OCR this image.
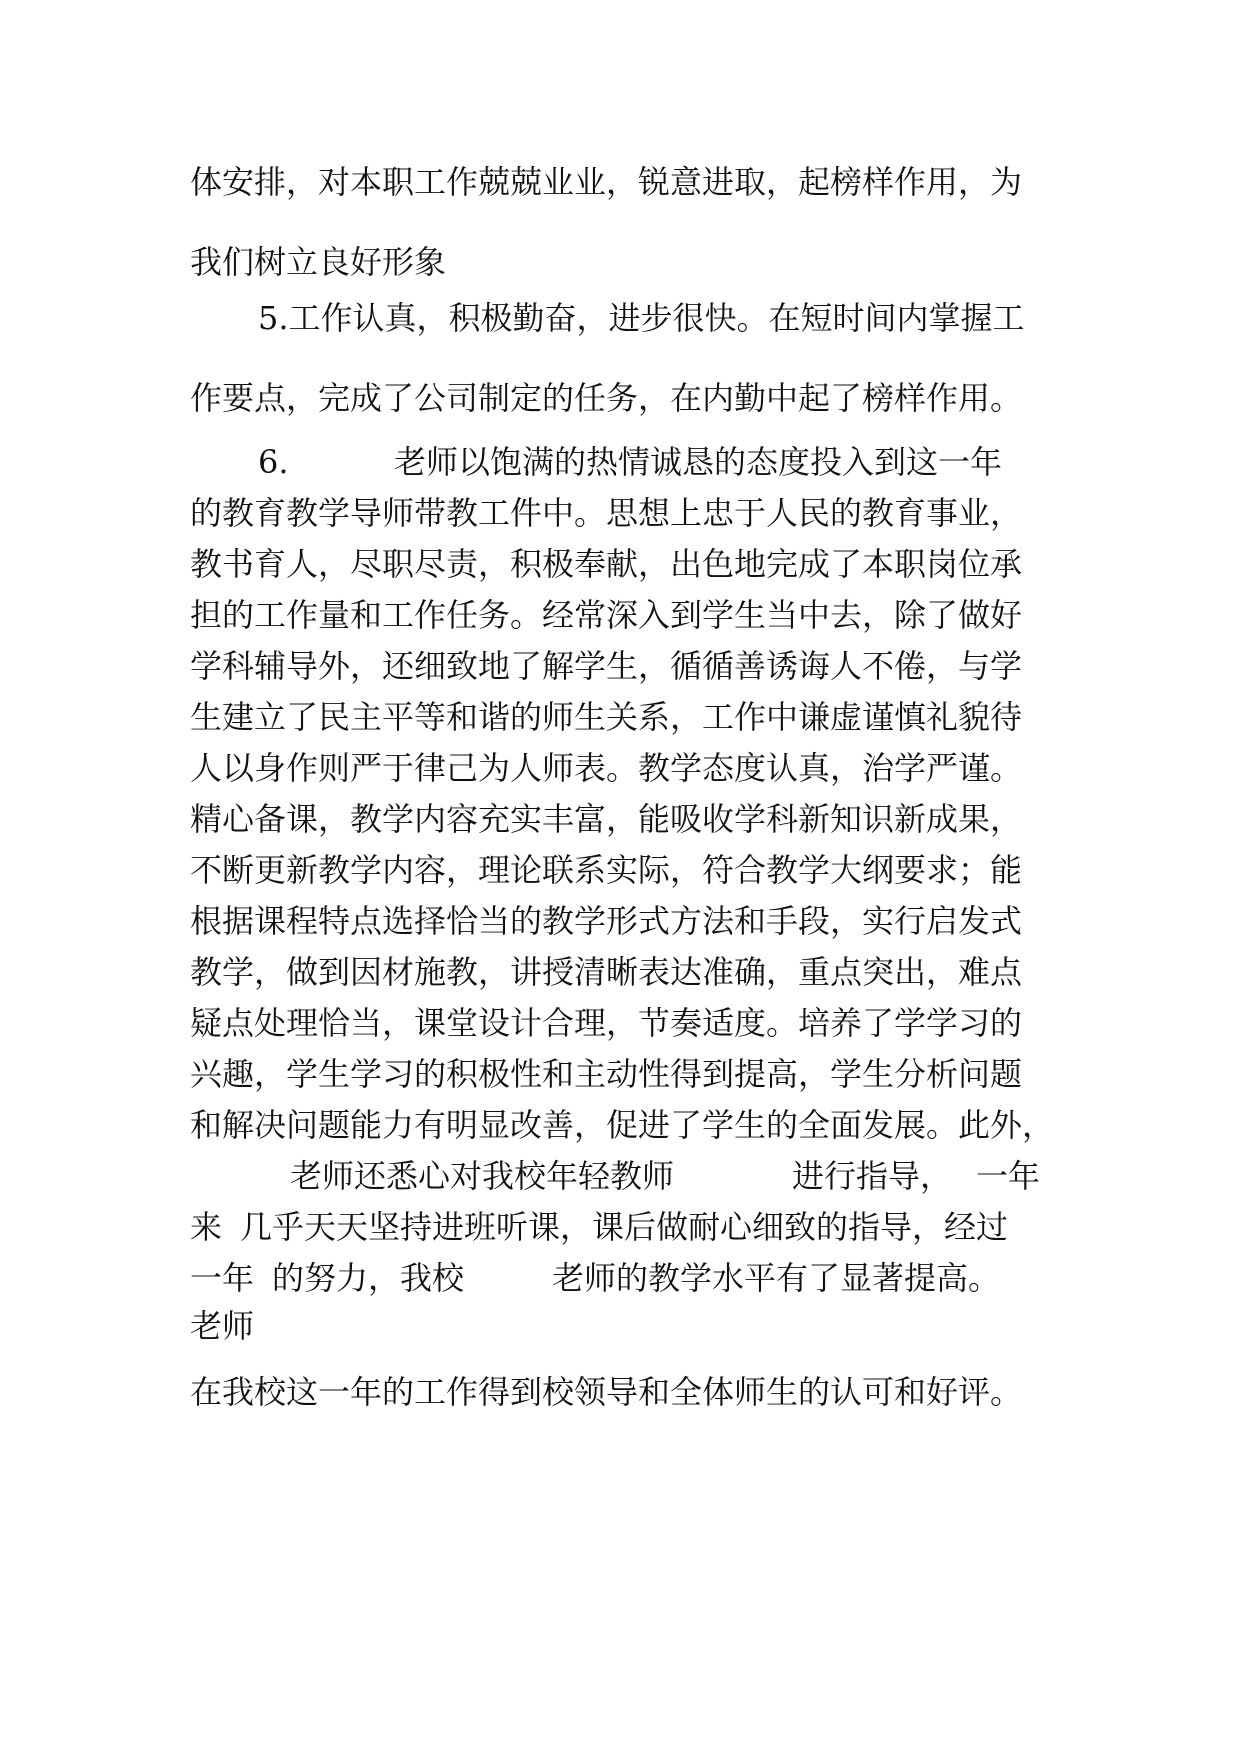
体安排，对本职工作兢兢业业，锐意进取，起榜样作用，为
我们树立良好形象
5.工作认真，积极勤奋，进步很快。在短时间内掌握工
作要点，完成了公司制定的任务，在内勤中起了榜样作用。
6.	老师以饱满的热情诚恳的态度投入到这一年
的教育教学导师带教工件中。思想上忠于人民的教育事业，
教书育人，尽职尽责，积极奉献，出色地完成了本职岗位承
担的工作量和工作任务。经常深入到学生当中去，除了做好
学科辅导外，还细致地了解学生，循循善诱诲人不倦，与学
生建立了民主平等和谐的师生关系，工作中谦虚谨慎礼貌待
人以身作则严于律己为人师表。教学态度认真，治学严谨。
精心备课，教学内容充实丰富，能吸收学科新知识新成果，
不断更新教学内容，理论联系实际，符合教学大纲要求；能
根据课程特点选择恰当的教学形式方法和手段，实行启发式
教学，做到因材施教，讲授清晰表达准确，重点突出，难点
疑点处理恰当，课堂设计合理，节奏适度。培养了学学习的
兴趣，学生学习的积极性和主动性得到提高，学生分析问题
和解决问题能力有明显改善，促进了学生的全面发展。此外，
老师还悉心对我校年轻教师	进行指导， 一年
来 几乎天天坚持进班听课，课后做耐心细致的指导，经过
一年 的努力，我校	老师的教学水平有了显著提高。
老师
在我校这一年的工作得到校领导和全体师生的认可和好评。
